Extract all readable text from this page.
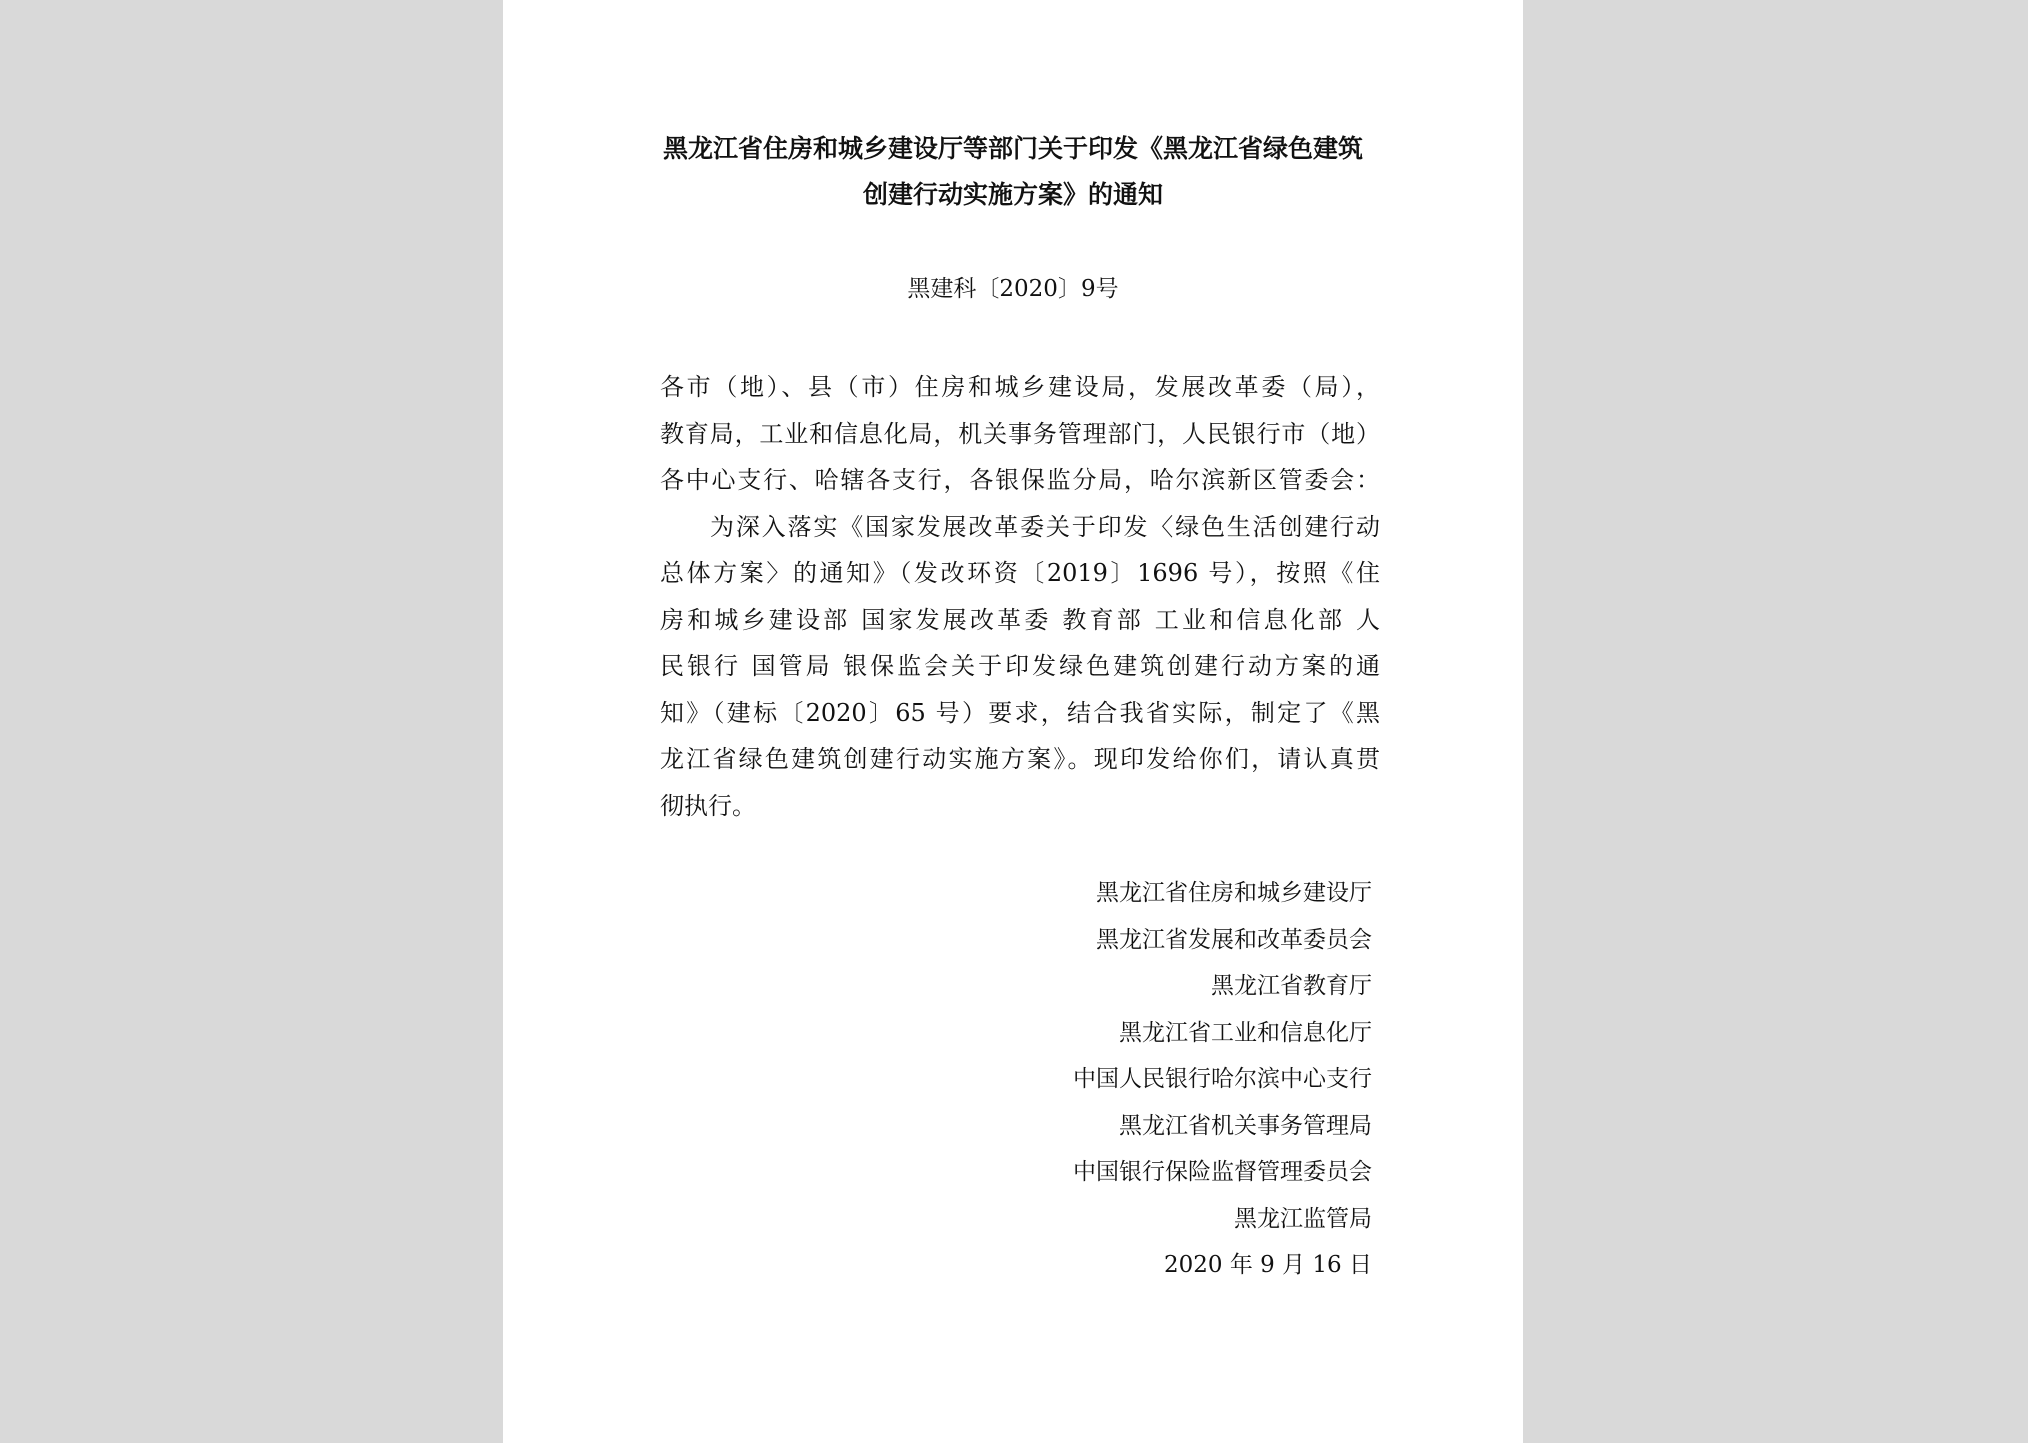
黑龙江省住房和城乡建设厅等部门关于印发《黑龙江省绿色建筑
创建行动实施方案》的通知
黑建科〔2020〕9号
各市（地）、县（市）住房和城乡建设局，发展改革委（局），
教育局，工业和信息化局，机关事务管理部门，人民银行市（地）
各中心支行、哈辖各支行，各银保监分局，哈尔滨新区管委会：
为深入落实《国家发展改革委关于印发〈绿色生活创建行动
总体方案〉的通知》（发改环资〔2019〕1696 号），按照《住
房和城乡建设部 国家发展改革委 教育部 工业和信息化部 人
民银行 国管局 银保监会关于印发绿色建筑创建行动方案的通
知》（建标〔2020〕65 号）要求，结合我省实际，制定了《黑
龙江省绿色建筑创建行动实施方案》。现印发给你们，请认真贯
彻执行。
黑龙江省住房和城乡建设厅
黑龙江省发展和改革委员会
黑龙江省教育厅
黑龙江省工业和信息化厅
中国人民银行哈尔滨中心支行
黑龙江省机关事务管理局
中国银行保险监督管理委员会
黑龙江监管局
2020 年 9 月 16 日
